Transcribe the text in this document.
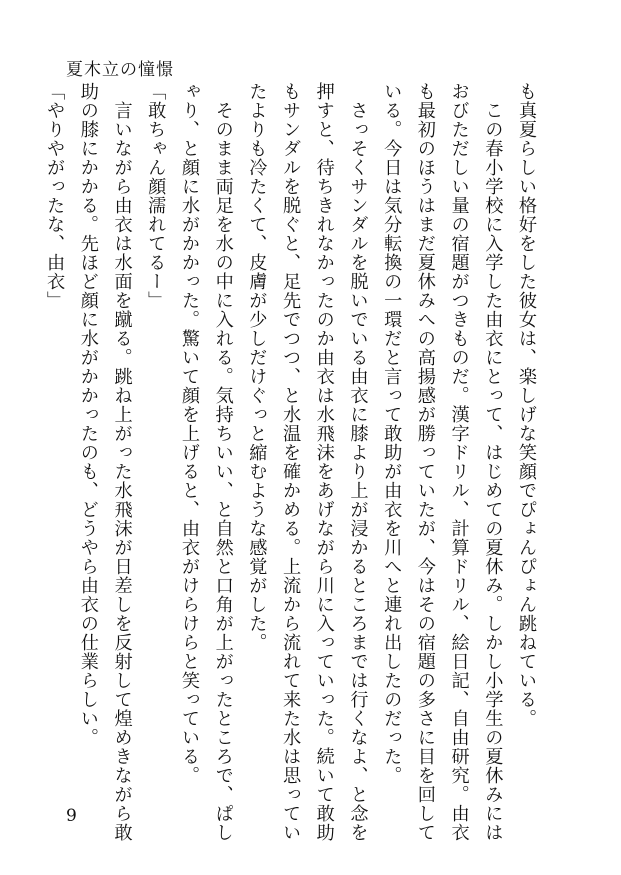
夏木立の憧憬
も真夏らしい格好をした彼女は、楽しげな笑顔でぴょんぴょん跳ねている。
　この春小学校に入学した由衣にとって、はじめての夏休み。しかし小学生の夏休みには
おびただしい量の宿題がつきものだ。漢字ドリル、計算ドリル、絵日記、自由研究。由衣
も最初のほうはまだ夏休みへの高揚感が勝っていたが、今はその宿題の多さに目を回して
いる。今日は気分転換の一環だと言って敢助が由衣を川へと連れ出したのだった。
　さっそくサンダルを脱いでいる由衣に膝より上が浸かるところまでは行くなよ、と念を
押すと、待ちきれなかったのか由衣は水飛沫をあげながら川に入っていった。続いて敢助
もサンダルを脱ぐと、足先でつつ、と水温を確かめる。上流から流れて来た水は思ってい
たよりも冷たくて、皮膚が少しだけぐっと縮むような感覚がした。
　そのまま両足を水の中に入れる。気持ちいい、と自然と口角が上がったところで、ぱし
ゃり、と顔に水がかかった。驚いて顔を上げると、由衣がけらけらと笑っている。
「敢ちゃん顔濡れてるー」
　言いながら由衣は水面を蹴る。跳ね上がった水飛沫が日差しを反射して煌めきながら敢
助の膝にかかる。先ほど顔に水がかかったのも、どうやら由衣の仕業らしい。
「やりやがったな、由衣」
9
